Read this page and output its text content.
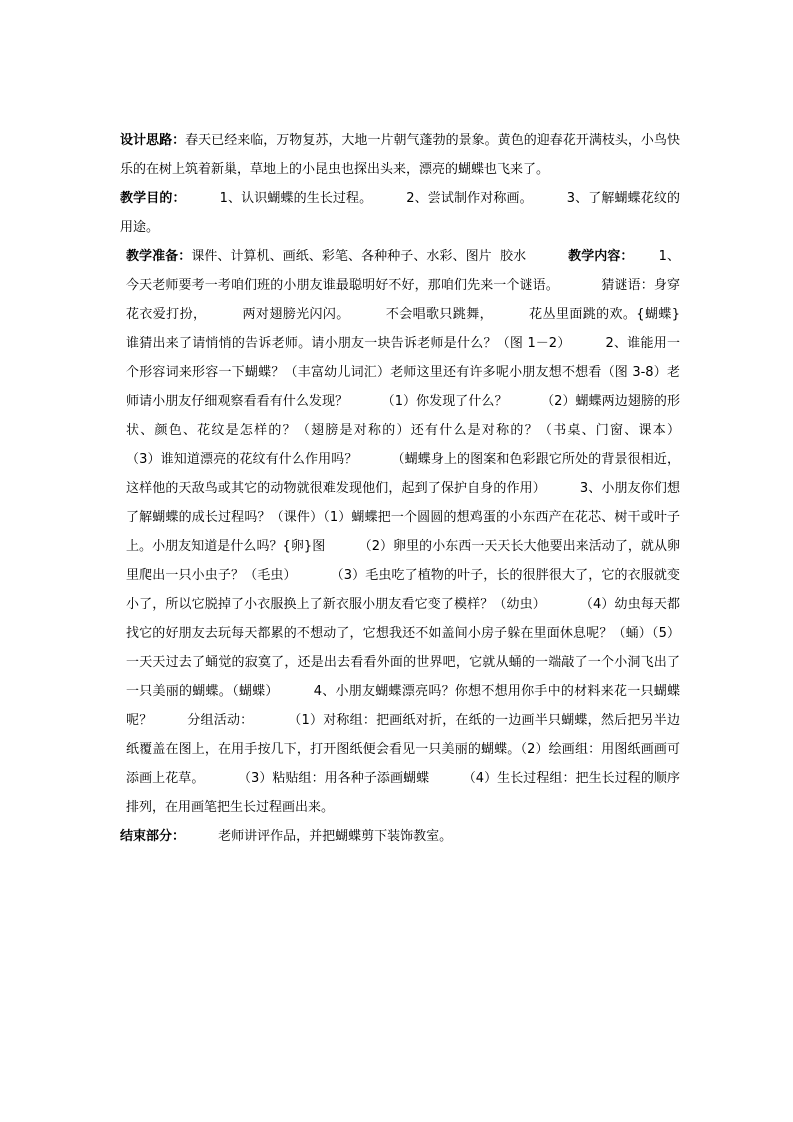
设计思路：春天已经来临，万物复苏，大地一片朝气蓬勃的景象。黄色的迎春花开满枝头，小鸟快乐的在树上筑着新巢，草地上的小昆虫也探出头来，漂亮的蝴蝶也飞来了。

教学目的：        1、认识蝴蝶的生长过程。        2、尝试制作对称画。        3、了解蝴蝶花纹的用途。

教学准备：课件、计算机、画纸、彩笔、各种种子、水彩、图片  胶水          教学内容：      1、今天老师要考一考咱们班的小朋友谁最聪明好不好，那咱们先来一个谜语。          猜谜语：身穿花衣爱打扮，        两对翅膀光闪闪。        不会唱歌只跳舞，        花丛里面跳的欢。{蝴蝶}        谁猜出来了请悄悄的告诉老师。请小朋友一块告诉老师是什么？（图 1－2）        2、谁能用一个形容词来形容一下蝴蝶？（丰富幼儿词汇）老师这里还有许多呢小朋友想不想看（图 3-8）老师请小朋友仔细观察看看有什么发现？        （1）你发现了什么？        （2）蝴蝶两边翅膀的形状、颜色、花纹是怎样的？（翅膀是对称的）还有什么是对称的？（书桌、门窗、课本）        （3）谁知道漂亮的花纹有什么作用吗？        （蝴蝶身上的图案和色彩跟它所处的背景很相近，这样他的天敌鸟或其它的动物就很难发现他们，起到了保护自身的作用）        3、小朋友你们想了解蝴蝶的成长过程吗？（课件）（1）蝴蝶把一个圆圆的想鸡蛋的小东西产在花芯、树干或叶子上。小朋友知道是什么吗？{卵}图        （2）卵里的小东西一天天长大他要出来活动了，就从卵里爬出一只小虫子？（毛虫）        （3）毛虫吃了植物的叶子，长的很胖很大了，它的衣服就变小了，所以它脱掉了小衣服换上了新衣服小朋友看它变了模样？（幼虫）        （4）幼虫每天都找它的好朋友去玩每天都累的不想动了，它想我还不如盖间小房子躲在里面休息呢？（蛹）（5）一天天过去了蛹觉的寂寞了，还是出去看看外面的世界吧，它就从蛹的一端敲了一个小洞飞出了一只美丽的蝴蝶。（蝴蝶）        4、小朋友蝴蝶漂亮吗？你想不想用你手中的材料来花一只蝴蝶呢？        分组活动：        （1）对称组：把画纸对折，在纸的一边画半只蝴蝶，然后把另半边纸覆盖在图上，在用手按几下，打开图纸便会看见一只美丽的蝴蝶。（2）绘画组：用图纸画画可添画上花草。        （3）粘贴组：用各种子添画蝴蝶        （4）生长过程组：把生长过程的顺序排列，在用画笔把生长过程画出来。

结束部分：        老师讲评作品，并把蝴蝶剪下装饰教室。
